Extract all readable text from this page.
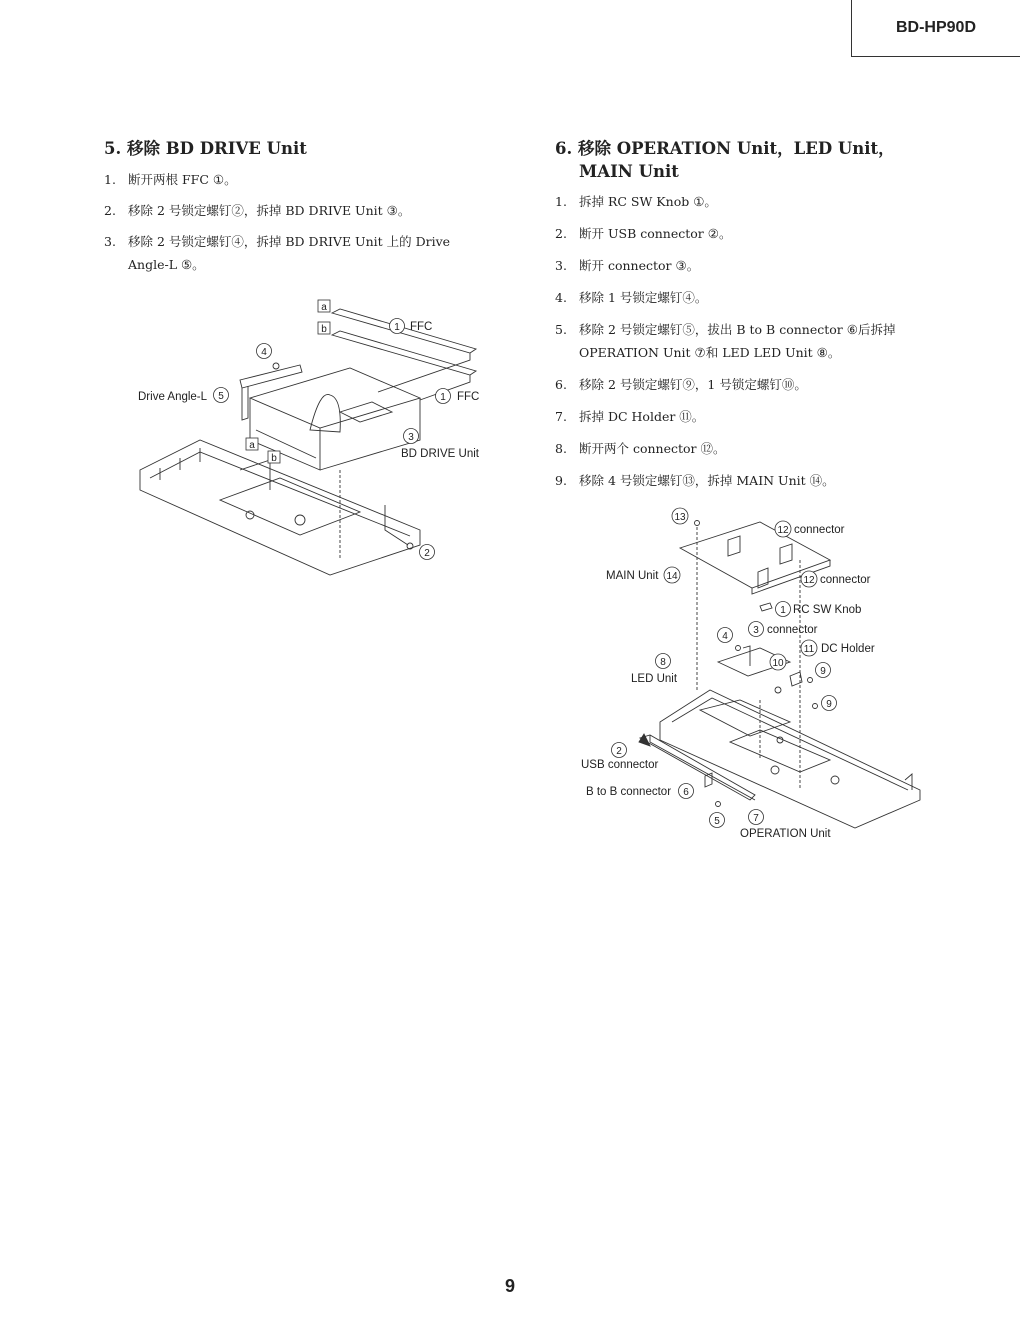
BD-HP90D
5. 移除 BD DRIVE Unit
1. 断开两根 FFC ①。
2. 移除 2 号锁定螺钉②，拆掉 BD DRIVE Unit ③。
3. 移除 2 号锁定螺钉④，拆掉 BD DRIVE Unit 上的 Drive
Angle-L ⑤。
a
b	1 FFC
1 FFC
4
Drive Angle-L 5
3
BD DRIVE Unit
a
b
2
6. 移除 OPERATION Unit，LED Unit，
MAIN Unit
1. 拆掉 RC SW Knob ①。
2. 断开 USB connector ②。
3. 断开 connector ③。
4. 移除 1 号锁定螺钉④。
5. 移除 2 号锁定螺钉⑤，拔出 B to B connector ⑥后拆掉
OPERATION Unit ⑦和 LED LED Unit ⑧。
6. 移除 2 号锁定螺钉⑨，1 号锁定螺钉⑩。
7. 拆掉 DC Holder ⑪。
8. 断开两个 connector ⑫。
9. 移除 4 号锁定螺钉⑬，拆掉 MAIN Unit ⑭。
13
12 connector
MAIN Unit 14	12 connector
1 RC SW Knob
3 connector
4
11 DC Holder
8	10
9
LED Unit
9
2
USB connector
B to B connector 6
7
5
OPERATION Unit
9
